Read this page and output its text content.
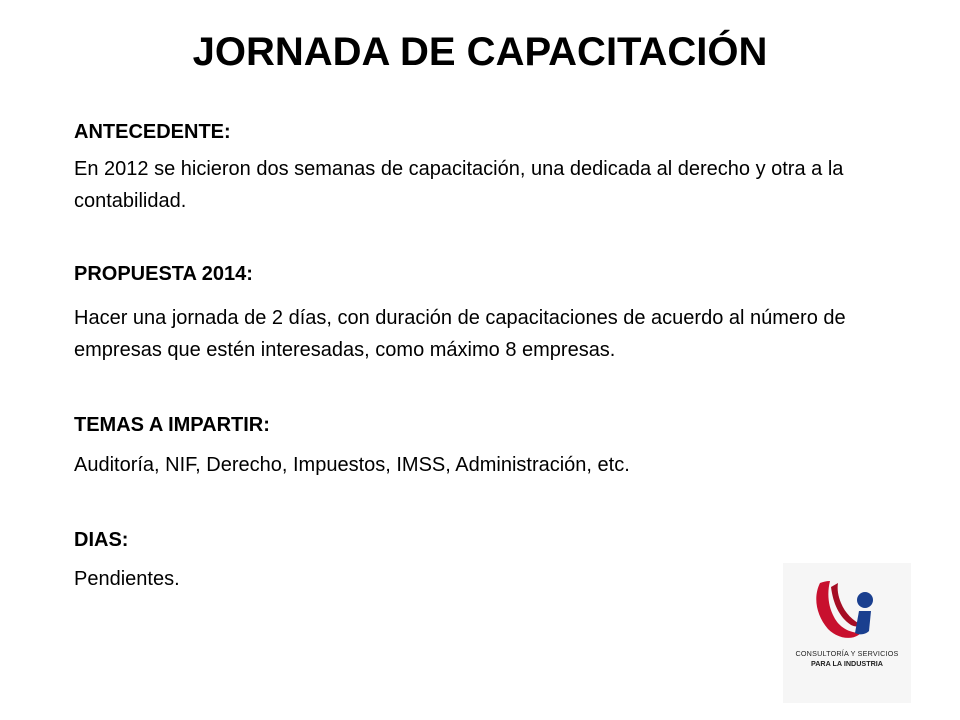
JORNADA DE CAPACITACIÓN

ANTECEDENTE:

En 2012 se hicieron dos semanas de capacitación, una dedicada al derecho y otra a la contabilidad.

PROPUESTA 2014:

Hacer una jornada de 2 días, con duración de capacitaciones de acuerdo al número de empresas que estén interesadas, como máximo 8 empresas.

TEMAS A IMPARTIR:

Auditoría, NIF, Derecho, Impuestos, IMSS, Administración, etc.

DIAS:

Pendientes.

CONSULTORÍA Y SERVICIOS
PARA LA INDUSTRIA
